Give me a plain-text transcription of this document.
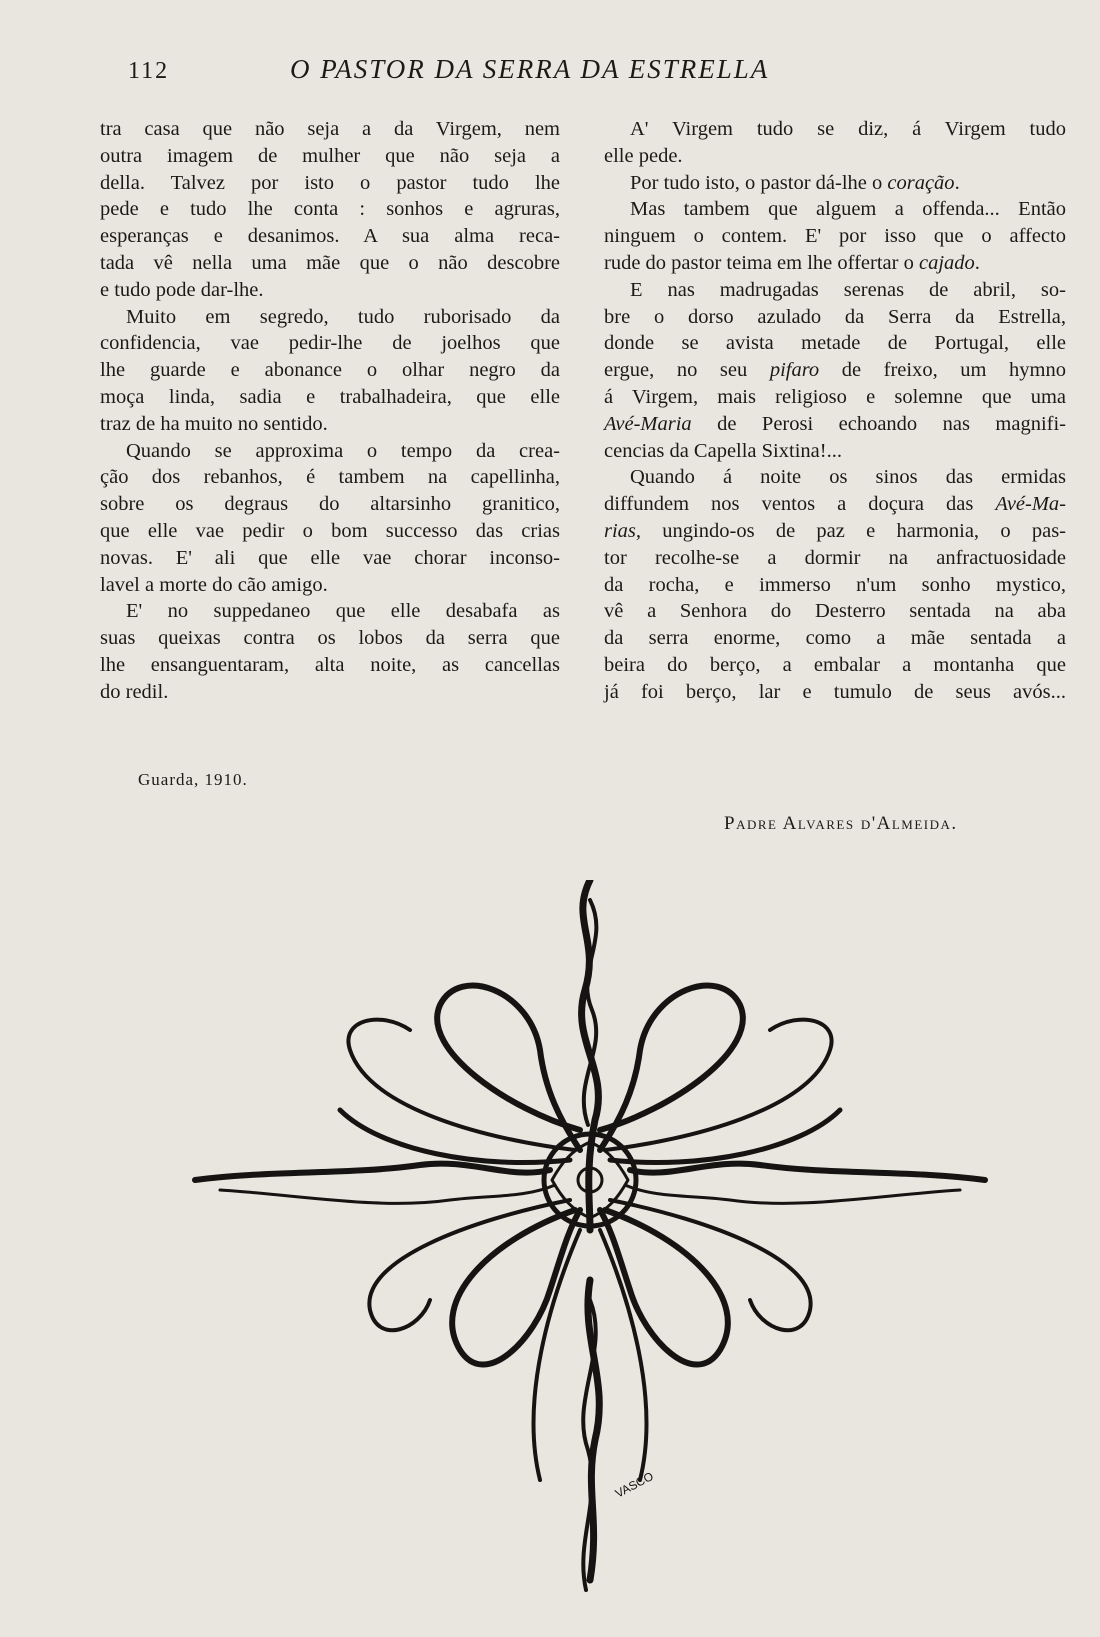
112	O PASTOR DA SERRA DA ESTRELLA
tra casa que não seja a da Virgem, nem
outra imagem de mulher que não seja a
della. Talvez por isto o pastor tudo lhe
pede e tudo lhe conta : sonhos e agruras,
esperanças e desanimos. A sua alma reca-
tada vê nella uma mãe que o não descobre
e tudo pode dar-lhe.
Muito em segredo, tudo ruborisado da
confidencia, vae pedir-lhe de joelhos que
lhe guarde e abonance o olhar negro da
moça linda, sadia e trabalhadeira, que elle
traz de ha muito no sentido.
Quando se approxima o tempo da crea-
ção dos rebanhos, é tambem na capellinha,
sobre os degraus do altarsinho granitico,
que elle vae pedir o bom successo das crias
novas. E' ali que elle vae chorar inconso-
lavel a morte do cão amigo.
E' no suppedaneo que elle desabafa as
suas queixas contra os lobos da serra que
lhe ensanguentaram, alta noite, as cancellas
do redil.
A' Virgem tudo se diz, á Virgem tudo
elle pede.
Por tudo isto, o pastor dá-lhe o coração.
Mas tambem que alguem a offenda... Então
ninguem o contem. E' por isso que o affecto
rude do pastor teima em lhe offertar o cajado.
E nas madrugadas serenas de abril, so-
bre o dorso azulado da Serra da Estrella,
donde se avista metade de Portugal, elle
ergue, no seu pifaro de freixo, um hymno
á Virgem, mais religioso e solemne que uma
Avé-Maria de Perosi echoando nas magnifi-
cencias da Capella Sixtina!...
Quando á noite os sinos das ermidas
diffundem nos ventos a doçura das Avé-Ma-
rias, ungindo-os de paz e harmonia, o pas-
tor recolhe-se a dormir na anfractuosidade
da rocha, e immerso n'um sonho mystico,
vê a Senhora do Desterro sentada na aba
da serra enorme, como a mãe sentada a
beira do berço, a embalar a montanha que
já foi berço, lar e tumulo de seus avós...
Guarda, 1910.
Padre Alvares d'Almeida.
VASCO
